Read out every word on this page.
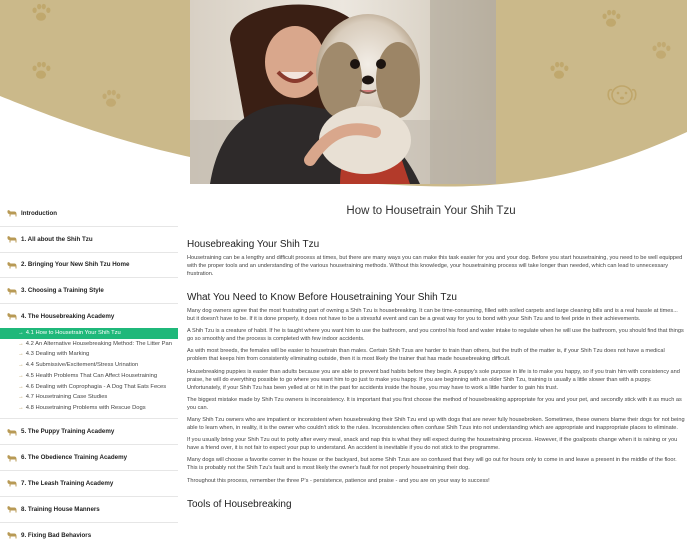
Introduction
1. All about the Shih Tzu
2. Bringing Your New Shih Tzu Home
3. Choosing a Training Style
4. The Housebreaking Academy
→ 4.1 How to Housetrain Your Shih Tzu
→ 4.2 An Alternative Housebreaking Method: The Litter Pan
→ 4.3 Dealing with Marking
→ 4.4 Submissive/Excitement/Stress Urination
→ 4.5 Health Problems That Can Affect Housetraining
→ 4.6 Dealing with Coprophagia - A Dog That Eats Feces
→ 4.7 Housetraining Case Studies
→ 4.8 Housetraining Problems with Rescue Dogs
5. The Puppy Training Academy
6. The Obedience Training Academy
7. The Leash Training Academy
8. Training House Manners
9. Fixing Bad Behaviors
How to Housetrain Your Shih Tzu
Housebreaking Your Shih Tzu

Housetraining can be a lengthy and difficult process at times, but there are many ways you can make this task easier for you and your dog. Before you start housetraining, you need to be well equipped with the proper tools and an understanding of the various housetraining methods. Without this knowledge, your housetraining process will take longer than needed, which can lead to unnecessary frustration.

What You Need to Know Before Housetraining Your Shih Tzu

Many dog owners agree that the most frustrating part of owning a Shih Tzu is housebreaking. It can be time-consuming, filled with soiled carpets and large cleaning bills and is a real hassle at times... but it doesn't have to be. If it is done properly, it does not have to be a stressful event and can be a great way for you to bond with your Shih Tzu and to feel pride in their achievements.

A Shih Tzu is a creature of habit. If he is taught where you want him to use the bathroom, and you control his food and water intake to regulate when he will use the bathroom, you should find that things go so smoothly and the process is completed with few indoor accidents.

As with most breeds, the females will be easier to housetrain than males. Certain Shih Tzus are harder to train than others, but the truth of the matter is, if your Shih Tzu does not have a medical problem that keeps him from consistently eliminating outside, then it is most likely the trainer that has made housebreaking difficult.

Housebreaking puppies is easier than adults because you are able to prevent bad habits before they begin. A puppy's sole purpose in life is to make you happy, so if you train him with consistency and praise, he will do everything possible to go where you want him to go just to make you happy. If you are beginning with an older Shih Tzu, training is usually a little slower than with a puppy. Unfortunately, if your Shih Tzu has been yelled at or hit in the past for accidents inside the house, you may have to work a little harder to gain his trust.

The biggest mistake made by Shih Tzu owners is inconsistency. It is important that you first choose the method of housebreaking appropriate for you and your pet, and secondly stick with it as much as you can.

Many Shih Tzu owners who are impatient or inconsistent when housebreaking their Shih Tzu end up with dogs that are never fully housebroken. Sometimes, these owners blame their dogs for not being able to learn when, in reality, it is the owner who couldn't stick to the rules. Inconsistencies often confuse Shih Tzus into not understanding which are appropriate and inappropriate places to eliminate.

If you usually bring your Shih Tzu out to potty after every meal, snack and nap this is what they will expect during the housetraining process. However, if the goalposts change when it is raining or you have a friend over, it is not fair to expect your pup to understand. An accident is inevitable if you do not stick to the programme.

Many dogs will choose a favorite corner in the house or the backyard, but some Shih Tzus are so confused that they will go out for hours only to come in and leave a present in the middle of the floor. This is probably not the Shih Tzu's fault and is most likely the owner's fault for not properly housetraining their dog.

Throughout this process, remember the three P's - persistence, patience and praise - and you are on your way to success!

Tools of Housebreaking
